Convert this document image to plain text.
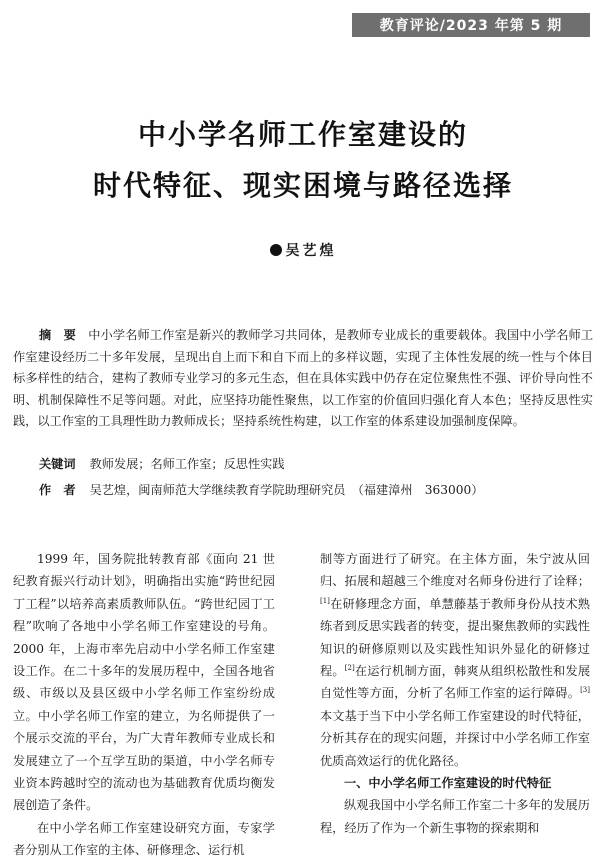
教育评论/2023 年第 5 期
中小学名师工作室建设的
时代特征、现实困境与路径选择
吴艺煌
摘　要　 中小学名师工作室是新兴的教师学习共同体，是教师专业成长的重要载体。我国中小学名师工作室建设经历二十多年发展，呈现出自上而下和自下而上的多样议题，实现了主体性发展的统一性与个体目标多样性的结合，建构了教师专业学习的多元生态，但在具体实践中仍存在定位聚焦性不强、评价导向性不明、机制保障性不足等问题。对此，应坚持功能性聚焦，以工作室的价值回归强化育人本色；坚持反思性实践，以工作室的工具理性助力教师成长；坚持系统性构建，以工作室的体系建设加强制度保障。
关键词 教师发展；名师工作室；反思性实践
作　者 吴艺煌，闽南师范大学继续教育学院助理研究员　（福建漳州　363000）

1999 年，国务院批转教育部《面向 21 世纪教育振兴行动计划》，明确指出实施“跨世纪园丁工程”以培养高素质教师队伍。“跨世纪园丁工程”吹响了各地中小学名师工作室建设的号角。2000 年，上海市率先启动中小学名师工作室建设工作。在二十多年的发展历程中，全国各地省级、市级以及县区级中小学名师工作室纷纷成立。中小学名师工作室的建立，为名师提供了一个展示交流的平台，为广大青年教师专业成长和发展建立了一个互学互助的渠道，中小学名师专业资本跨越时空的流动也为基础教育优质均衡发展创造了条件。

在中小学名师工作室建设研究方面，专家学者分别从工作室的主体、研修理念、运行机

制等方面进行了研究。在主体方面，朱宁波从回归、拓展和超越三个维度对名师身份进行了诠释；[1]在研修理念方面，单慧藤基于教师身份从技术熟练者到反思实践者的转变，提出聚焦教师的实践性知识的研修原则以及实践性知识外显化的研修过程。[2]在运行机制方面，韩爽从组织松散性和发展自觉性等方面，分析了名师工作室的运行障碍。[3]本文基于当下中小学名师工作室建设的时代特征，分析其存在的现实问题，并探讨中小学名师工作室优质高效运行的优化路径。

一、中小学名师工作室建设的时代特征

纵观我国中小学名师工作室二十多年的发展历程，经历了作为一个新生事物的探索期和
